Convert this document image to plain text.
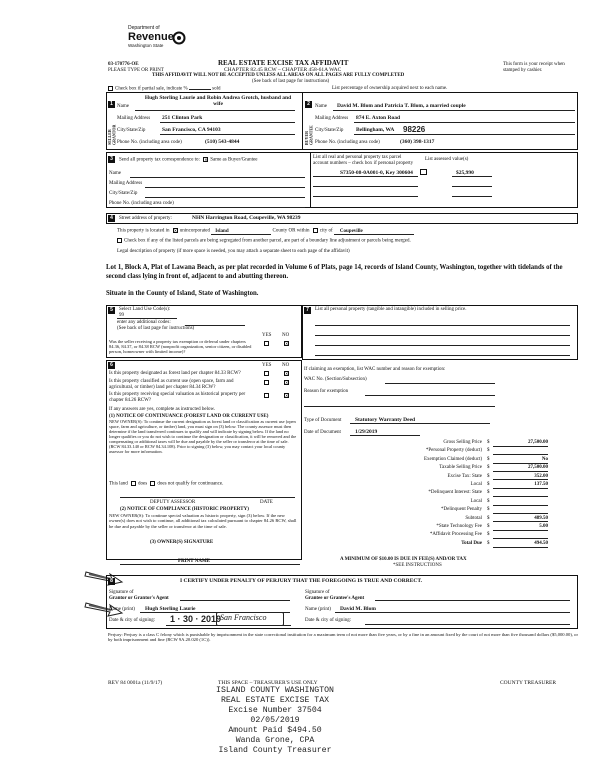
Department of
Revenue
Washington State
03-170776-OE
PLEASE TYPE OR PRINT
REAL ESTATE EXCISE TAX AFFIDAVIT
CHAPTER 82.45 RCW – CHAPTER 458-61A WAC
THIS AFFIDAVIT WILL NOT BE ACCEPTED UNLESS ALL AREAS ON ALL PAGES ARE FULLY COMPLETED
(See back of last page for instructions)
This form is your receipt when stamped by cashier.
Check box if partial sale, indicate %	sold	List percentage of ownership acquired next to each name.
1
SELLER GRANTOR
Hugh Sterling Laurie and Robin Andrea Grotch, husband and wife
Name
Mailing Address 251 Clinton Park
City/State/Zip	San Francisco, CA 94103
Phone No. (including area code)	(510) 543-4844
2
BUYER GRANTEE
Name David M. Blom and Patricia T. Blom, a married couple
Mailing Address 874 E. Axton Road
City/State/Zip Bellingham, WA 98226
Phone No. (including area code)	(360) 398-1317
3	Send all property tax correspondence to: ✕ Same as Buyer/Grantee
Name
Mailing Address
City/State/Zip
Phone No. (including area code)
List all real and personal property tax parcel account numbers – check box if personal property
List assessed value(s)
S7350-08-0A001-0, Key 300604	$25,990
4	Street address of property:	NHN Harrington Road, Coupeville, WA 98239
This property is located in ✕ unincorporated Island	County OR within city of Coupeville
Check box if any of the listed parcels are being segregated from another parcel, are part of a boundary line adjustment or parcels being merged.
Legal description of property (if more space is needed, you may attach a separate sheet to each page of the affidavit)
Lot 1, Block A, Plat of Lawana Beach, as per plat recorded in Volume 6 of Plats, page 14, records of Island County, Washington, together with tidelands of the second class lying in front of, adjacent to and abutting thereon.
Situate in the County of Island, State of Washington.
5	Select Land Use Code(s):
99
enter any additional codes:
(See back of last page for instructions)
YES NO
Was the seller receiving a property tax exemption or deferral under chapters 84.36, 84.37, or 84.38 RCW (nonprofit organization, senior citizen, or disabled person, homeowner with limited income)?
✕
6	YES NO
Is this property designated as forest land per chapter 84.33 RCW?	✕
Is this property classified as current use (open space, farm and agricultural, or timber) land per chapter 84.34 RCW?
✕
Is this property receiving special valuation as historical property per chapter 84.26 RCW?
✕
If any answers are yes, complete as instructed below.
(1) NOTICE OF CONTINUANCE (FOREST LAND OR CURRENT USE)
NEW OWNER(S): To continue the current designation as forest land or classification as current use (open space, farm and agriculture, or timber) land, you must sign on (3) below. The county assessor must then determine if the land transferred continues to qualify and will indicate by signing below. If the land no longer qualifies or you do not wish to continue the designation or classification, it will be removed and the compensating or additional taxes will be due and payable by the seller or transferor at the time of sale. (RCW 84.33.140 or RCW 84.34.108). Prior to signing (3) below, you may contact your local county assessor for more information.
This land does does not qualify for continuance.
DEPUTY ASSESSOR	DATE
(2) NOTICE OF COMPLIANCE (HISTORIC PROPERTY)
NEW OWNER(S): To continue special valuation as historic property, sign (3) below. If the new owner(s) does not wish to continue, all additional tax calculated pursuant to chapter 84.26 RCW, shall be due and payable by the seller or transferor at the time of sale.
(3) OWNER(S) SIGNATURE
PRINT NAME
7	List all personal property (tangible and intangible) included in selling price.
If claiming an exemption, list WAC number and reason for exemption:
WAC No. (Section/Subsection)
Reason for exemption
Type of Document Statutory Warranty Deed
Date of Document	1/29/2019
Gross Selling Price $	27,500.00
*Personal Property (deduct) $

Exemption Claimed (deduct) $	No
Taxable Selling Price $	27,500.00
Excise Tax: State $	352.00
Local $	137.50
*Delinquent Interest: State $

Local $

*Delinquent Penalty $

Subtotal $	489.50
*State Technology Fee $	5.00
*Affidavit Processing Fee $

Total Due $	494.50
A MINIMUM OF $10.00 IS DUE IN FEE(S) AND/OR TAX
*SEE INSTRUCTIONS
8	I CERTIFY UNDER PENALTY OF PERJURY THAT THE FOREGOING IS TRUE AND CORRECT.
Signature of
Grantor or Grantor's Agent
Signature of
Grantee or Grantee's Agent
Name (print) Hugh Sterling Laurie	Name (print) David M. Blom
Date & city of signing: 1 · 30 · 2019
San Francisco	Date & city of signing:
Perjury: Perjury is a class C felony which is punishable by imprisonment in the state correctional institution for a maximum term of not more than five years, or by a fine in an amount fixed by the court of not more than five thousand dollars ($5,000.00), or by both imprisonment and fine (RCW 9A.20.020 (1C)).
REV 84 0001a (11/9/17)	THIS SPACE – TREASURER'S USE ONLY	COUNTY TREASURER
ISLAND COUNTY WASHINGTON
REAL ESTATE EXCISE TAX
Excise Number 37504
02/05/2019
Amount Paid $494.50
Wanda Grone, CPA
Island County Treasurer
